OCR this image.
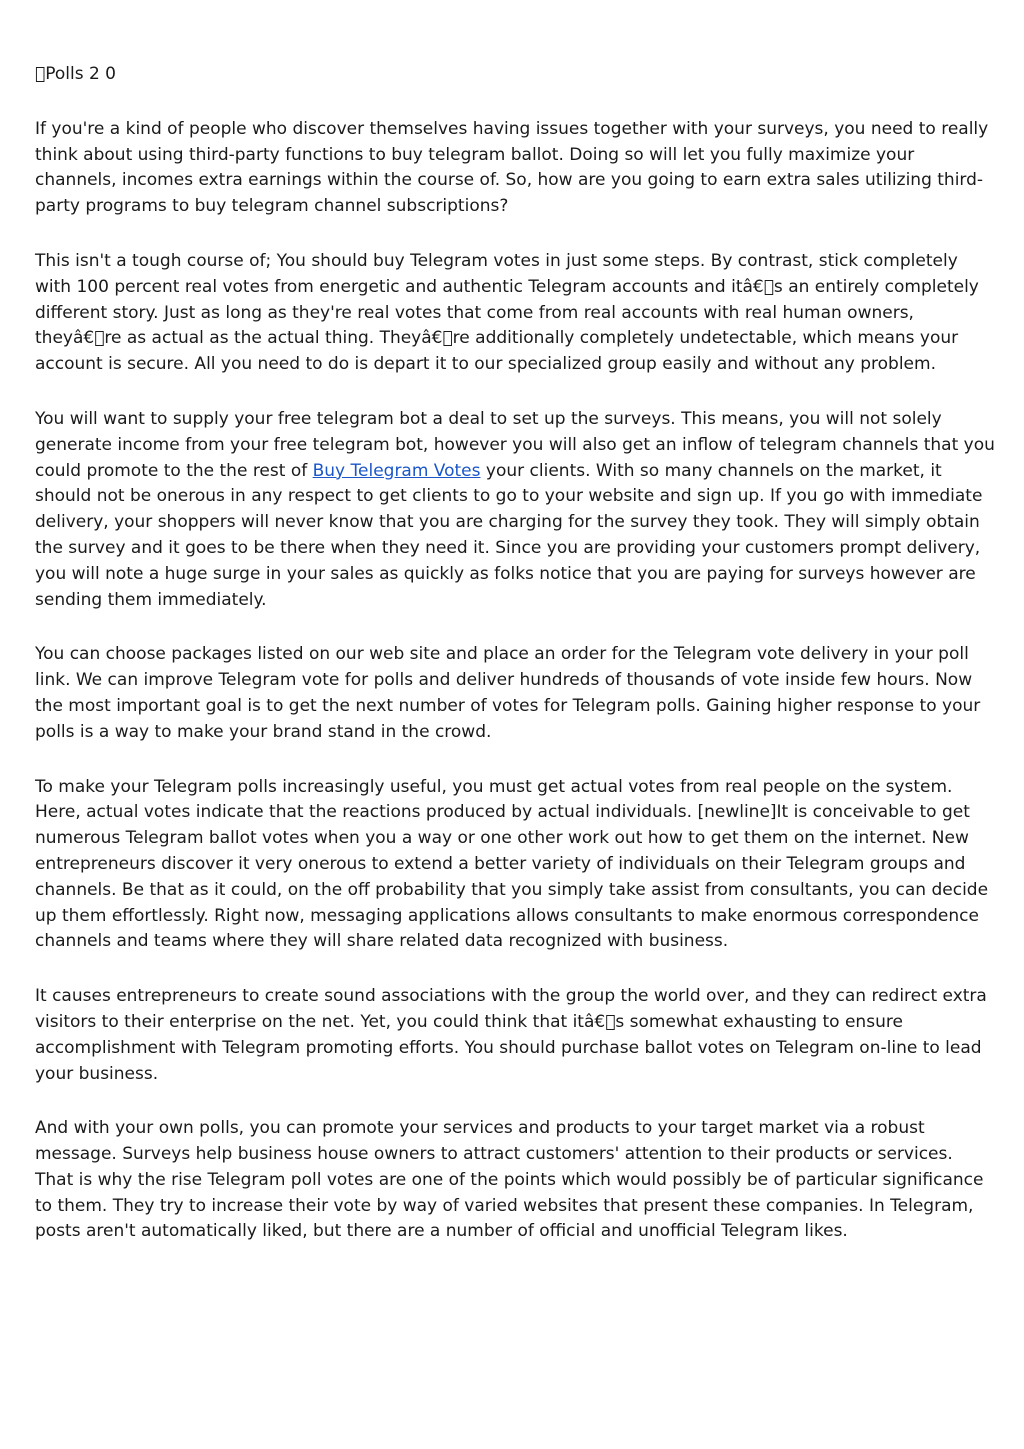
 Polls 2 0

If you're a kind of people who discover themselves having issues together with your surveys, you need to really think about using third-party functions to buy telegram ballot. Doing so will let you fully maximize your channels, incomes extra earnings within the course of. So, how are you going to earn extra sales utilizing third-party programs to buy telegram channel subscriptions?

This isn't a tough course of; You should buy Telegram votes in just some steps. By contrast, stick completely with 100 percent real votes from energetic and authentic Telegram accounts and itâ€ s an entirely completely different story. Just as long as they're real votes that come from real accounts with real human owners, theyâ€ re as actual as the actual thing. Theyâ€ re additionally completely undetectable, which means your account is secure. All you need to do is depart it to our specialized group easily and without any problem.

You will want to supply your free telegram bot a deal to set up the surveys. This means, you will not solely generate income from your free telegram bot, however you will also get an inflow of telegram channels that you could promote to the the rest of Buy Telegram Votes your clients. With so many channels on the market, it should not be onerous in any respect to get clients to go to your website and sign up. If you go with immediate delivery, your shoppers will never know that you are charging for the survey they took. They will simply obtain the survey and it goes to be there when they need it. Since you are providing your customers prompt delivery, you will note a huge surge in your sales as quickly as folks notice that you are paying for surveys however are sending them immediately.

You can choose packages listed on our web site and place an order for the Telegram vote delivery in your poll link. We can improve Telegram vote for polls and deliver hundreds of thousands of vote inside few hours. Now the most important goal is to get the next number of votes for Telegram polls. Gaining higher response to your polls is a way to make your brand stand in the crowd.

To make your Telegram polls increasingly useful, you must get actual votes from real people on the system. Here, actual votes indicate that the reactions produced by actual individuals. [newline]It is conceivable to get numerous Telegram ballot votes when you a way or one other work out how to get them on the internet. New entrepreneurs discover it very onerous to extend a better variety of individuals on their Telegram groups and channels. Be that as it could, on the off probability that you simply take assist from consultants, you can decide up them effortlessly. Right now, messaging applications allows consultants to make enormous correspondence channels and teams where they will share related data recognized with business.

It causes entrepreneurs to create sound associations with the group the world over, and they can redirect extra visitors to their enterprise on the net. Yet, you could think that itâ€ s somewhat exhausting to ensure accomplishment with Telegram promoting efforts. You should purchase ballot votes on Telegram on-line to lead your business.

And with your own polls, you can promote your services and products to your target market via a robust message. Surveys help business house owners to attract customers' attention to their products or services. That is why the rise Telegram poll votes are one of the points which would possibly be of particular significance to them. They try to increase their vote by way of varied websites that present these companies. In Telegram, posts aren't automatically liked, but there are a number of official and unofficial Telegram likes.
